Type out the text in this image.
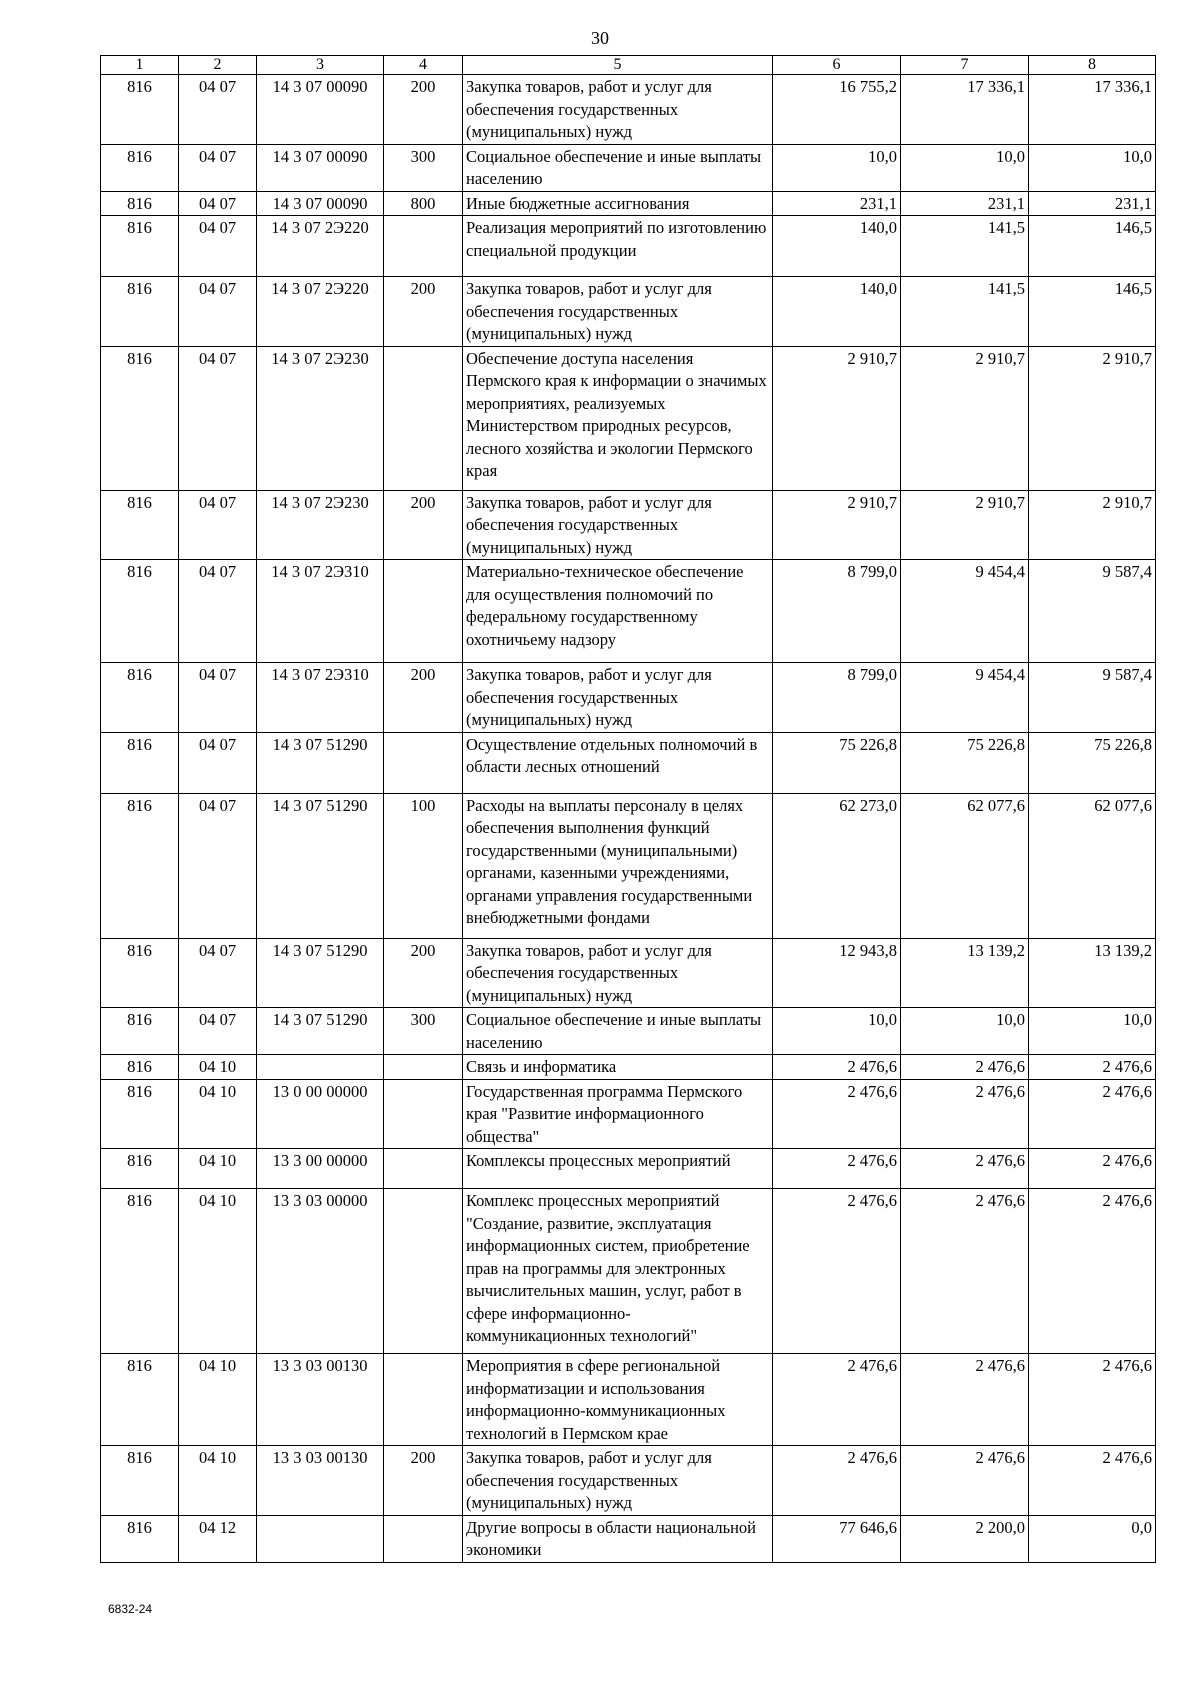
30
1	2	3	4	5	6	7	8
816	04 07	14 3 07 00090	200	Закупка товаров, работ и услуг для обеспечения государственных (муниципальных) нужд	16 755,2	17 336,1	17 336,1
816	04 07	14 3 07 00090	300	Социальное обеспечение и иные выплаты населению	10,0	10,0	10,0
816	04 07	14 3 07 00090	800	Иные бюджетные ассигнования	231,1	231,1	231,1
816	04 07	14 3 07 2Э220		Реализация мероприятий по изготовлению специальной продукции	140,0	141,5	146,5
816	04 07	14 3 07 2Э220	200	Закупка товаров, работ и услуг для обеспечения государственных (муниципальных) нужд	140,0	141,5	146,5
816	04 07	14 3 07 2Э230		Обеспечение доступа населения Пермского края к информации о значимых мероприятиях, реализуемых Министерством природных ресурсов, лесного хозяйства и экологии Пермского края	2 910,7	2 910,7	2 910,7
816	04 07	14 3 07 2Э230	200	Закупка товаров, работ и услуг для обеспечения государственных (муниципальных) нужд	2 910,7	2 910,7	2 910,7
816	04 07	14 3 07 2Э310		Материально-техническое обеспечение для осуществления полномочий по федеральному государственному охотничьему надзору	8 799,0	9 454,4	9 587,4
816	04 07	14 3 07 2Э310	200	Закупка товаров, работ и услуг для обеспечения государственных (муниципальных) нужд	8 799,0	9 454,4	9 587,4
816	04 07	14 3 07 51290		Осуществление отдельных полномочий в области лесных отношений	75 226,8	75 226,8	75 226,8
816	04 07	14 3 07 51290	100	Расходы на выплаты персоналу в целях обеспечения выполнения функций государственными (муниципальными) органами, казенными учреждениями, органами управления государственными внебюджетными фондами	62 273,0	62 077,6	62 077,6
816	04 07	14 3 07 51290	200	Закупка товаров, работ и услуг для обеспечения государственных (муниципальных) нужд	12 943,8	13 139,2	13 139,2
816	04 07	14 3 07 51290	300	Социальное обеспечение и иные выплаты населению	10,0	10,0	10,0
816	04 10			Связь и информатика	2 476,6	2 476,6	2 476,6
816	04 10	13 0 00 00000		Государственная программа Пермского края "Развитие информационного общества"	2 476,6	2 476,6	2 476,6
816	04 10	13 3 00 00000		Комплексы процессных мероприятий	2 476,6	2 476,6	2 476,6
816	04 10	13 3 03 00000		Комплекс процессных мероприятий "Создание, развитие, эксплуатация информационных систем, приобретение прав на программы для электронных вычислительных машин, услуг, работ в сфере информационно-коммуникационных технологий"	2 476,6	2 476,6	2 476,6
816	04 10	13 3 03 00130		Мероприятия в сфере региональной информатизации и использования информационно-коммуникационных технологий в Пермском крае	2 476,6	2 476,6	2 476,6
816	04 10	13 3 03 00130	200	Закупка товаров, работ и услуг для обеспечения государственных (муниципальных) нужд	2 476,6	2 476,6	2 476,6
816	04 12			Другие вопросы в области национальной экономики	77 646,6	2 200,0	0,0
6832-24
